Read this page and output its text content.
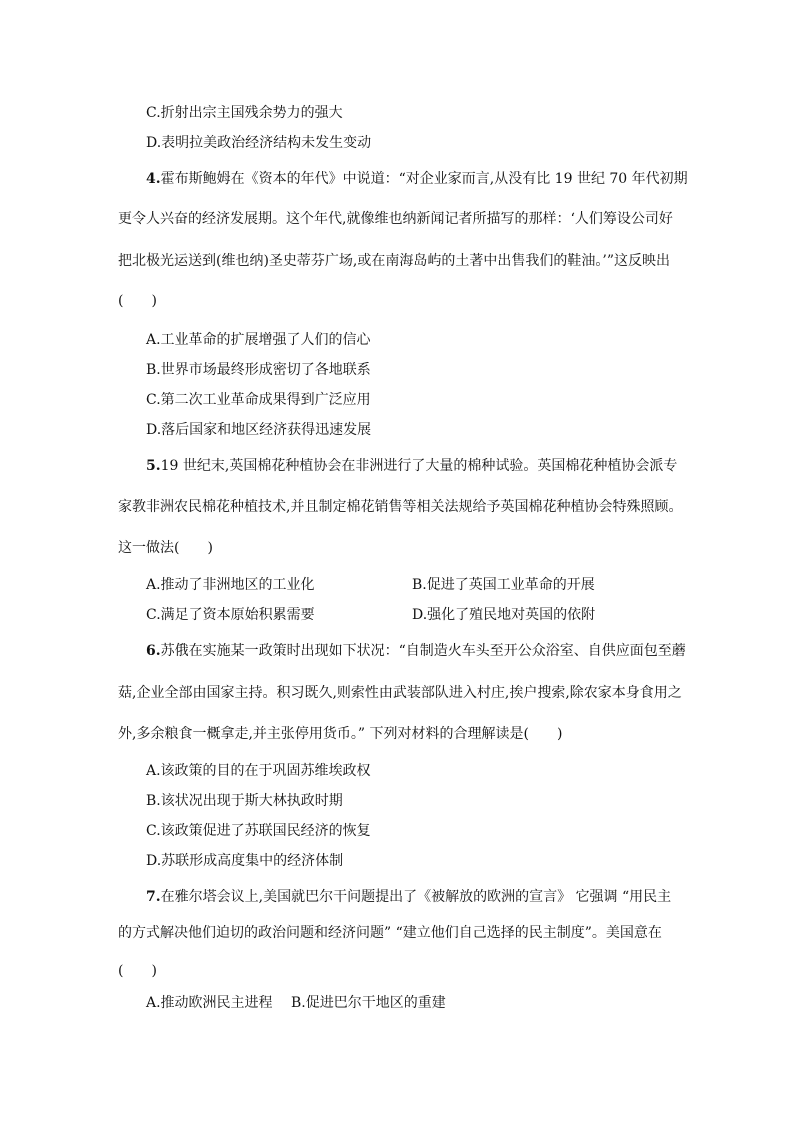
C.折射出宗主国残余势力的强大
D.表明拉美政治经济结构未发生变动
4.霍布斯鲍姆在《资本的年代》中说道：“对企业家而言,从没有比 19 世纪 70 年代初期
更令人兴奋的经济发展期。这个年代,就像维也纳新闻记者所描写的那样：‘人们筹设公司好
把北极光运送到(维也纳)圣史蒂芬广场,或在南海岛屿的土著中出售我们的鞋油。’”这反映出
(　　)
A.工业革命的扩展增强了人们的信心
B.世界市场最终形成密切了各地联系
C.第二次工业革命成果得到广泛应用
D.落后国家和地区经济获得迅速发展
5.19 世纪末,英国棉花种植协会在非洲进行了大量的棉种试验。英国棉花种植协会派专
家教非洲农民棉花种植技术,并且制定棉花销售等相关法规给予英国棉花种植协会特殊照顾。
这一做法(　　)
A.推动了非洲地区的工业化	B.促进了英国工业革命的开展
C.满足了资本原始积累需要	D.强化了殖民地对英国的依附
6.苏俄在实施某一政策时出现如下状况：“自制造火车头至开公众浴室、自供应面包至蘑
菇,企业全部由国家主持。积习既久,则索性由武装部队进入村庄,挨户搜索,除农家本身食用之
外,多余粮食一概拿走,并主张停用货币。” 下列对材料的合理解读是(　　)
A.该政策的目的在于巩固苏维埃政权
B.该状况出现于斯大林执政时期
C.该政策促进了苏联国民经济的恢复
D.苏联形成高度集中的经济体制
7.在雅尔塔会议上,美国就巴尔干问题提出了《被解放的欧洲的宣言》 它强调 “用民主
的方式解决他们迫切的政治问题和经济问题” “建立他们自己选择的民主制度”。美国意在
(　　)
A.推动欧洲民主进程　 B.促进巴尔干地区的重建
